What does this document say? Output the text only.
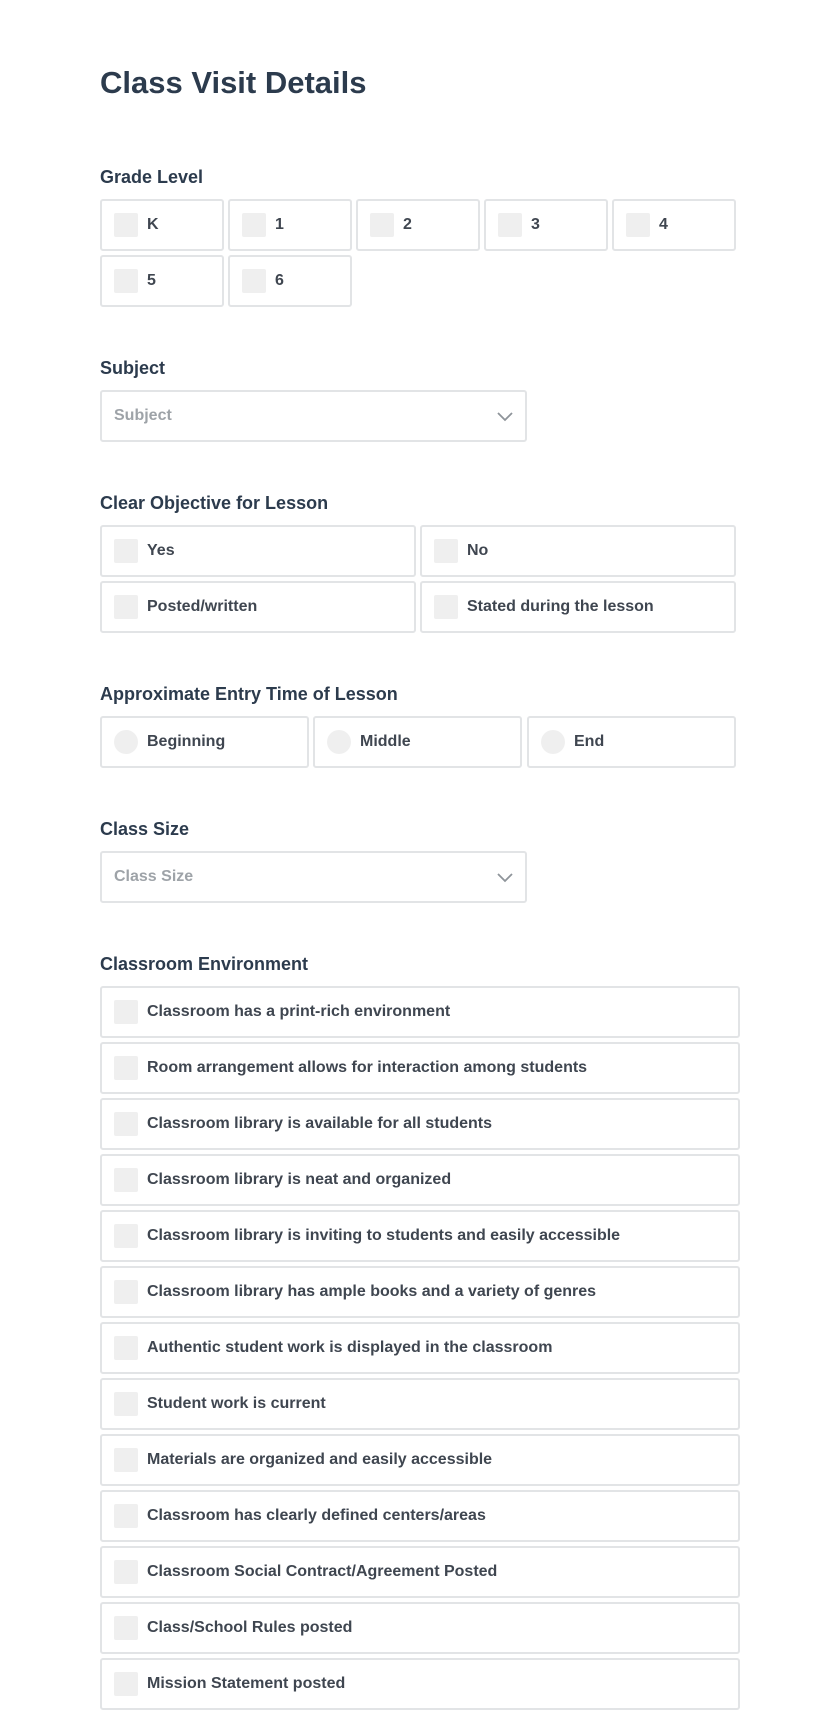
Class Visit Details
Grade Level
K	1	2	3	4
5	6
Subject
Subject
Clear Objective for Lesson
Yes	No
Posted/written	Stated during the lesson
Approximate Entry Time of Lesson
Beginning	Middle	End
Class Size
Class Size
Classroom Environment
Classroom has a print-rich environment
Room arrangement allows for interaction among students
Classroom library is available for all students
Classroom library is neat and organized
Classroom library is inviting to students and easily accessible
Classroom library has ample books and a variety of genres
Authentic student work is displayed in the classroom
Student work is current
Materials are organized and easily accessible
Classroom has clearly defined centers/areas
Classroom Social Contract/Agreement Posted
Class/School Rules posted
Mission Statement posted
